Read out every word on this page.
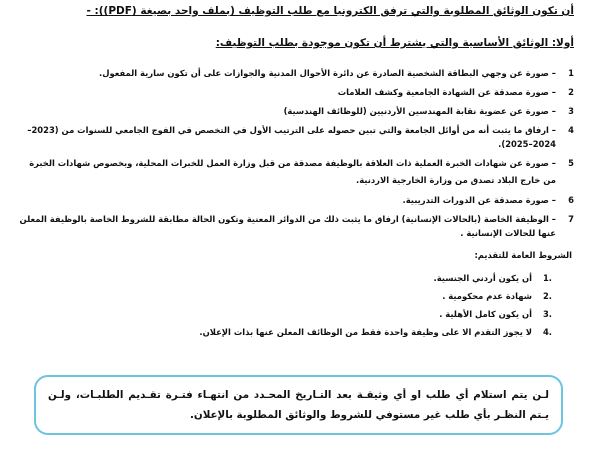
أن تكون الوثائق المطلوبة والتي ترفق الكترونيا مع طلب التوظيف (بملف واحد بصيغة (PDF)): -

أولا: الوثائق الأساسية والتي يشترط أن تكون موجودة بطلب التوظيف:
1
– صورة عن وجهي البطاقة الشخصية الصادرة عن دائرة الأحوال المدنية والجوازات على أن تكون سارية المفعول.
2
– صورة مصدقة عن الشهادة الجامعية وكشف العلامات
3
– صورة عن عضوية نقابة المهندسين الأردنيين (للوظائف الهندسية)
4
– ارفاق ما يثبت أنه من أوائل الجامعة والتي تبين حصوله على الترتيب الأول في التخصص في الفوج الجامعي للسنوات من (2023–2024–2025).
5
– صورة عن شهادات الخبرة العملية ذات العلاقة بالوظيفة مصدقة من قبل وزارة العمل للخبرات المحلية، وبخصوص شهادات الخبرة
من خارج البلاد تصدق من وزارة الخارجية الاردنية.
6
– صورة مصدقة عن الدورات التدريبية.
7
– الوظيفة الخاصة (بالحالات الإنسانية) ارفاق ما يثبت ذلك من الدوائر المعنية وتكون الحالة مطابقة للشروط الخاصة بالوظيفة المعلن عنها للحالات الإنسانية .
الشروط العامة للتقديم:
1.
أن يكون أردني الجنسية.
2.
شهادة عدم محكومية .
3.
أن يكون كامل الأهلية .
4.
لا يجوز التقدم الا على وظيفة واحدة فقط من الوظائف المعلن عنها بذات الإعلان.
لـن يتم استلام أي طلب او أي وثيقـة بعد التـاريخ المحـدد من انتهـاء فتـرة تقـديم الطلبـات، ولـن يـتم النظـر بأي طلب غير مستوفي للشروط والوثائق المطلوبة بالإعلان.
